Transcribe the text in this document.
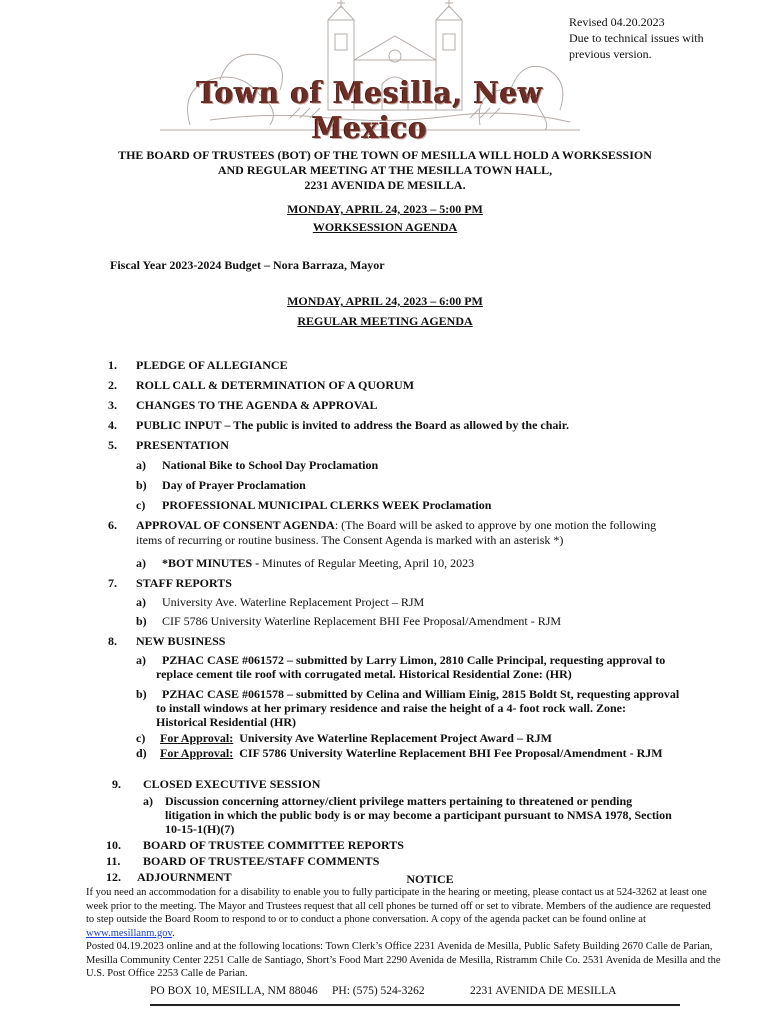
Revised 04.20.2023
Due to technical issues with
previous version.
Town of Mesilla, New Mexico
THE BOARD OF TRUSTEES (BOT) OF THE TOWN OF MESILLA WILL HOLD A WORKSESSION
AND REGULAR MEETING AT THE MESILLA TOWN HALL,
2231 AVENIDA DE MESILLA.
MONDAY, APRIL 24, 2023 – 5:00 PM
WORKSESSION AGENDA
Fiscal Year 2023-2024 Budget – Nora Barraza, Mayor
MONDAY, APRIL 24, 2023 – 6:00 PM
REGULAR MEETING AGENDA
1. PLEDGE OF ALLEGIANCE
2. ROLL CALL & DETERMINATION OF A QUORUM
3. CHANGES TO THE AGENDA & APPROVAL
4. PUBLIC INPUT – The public is invited to address the Board as allowed by the chair.
5. PRESENTATION
a) National Bike to School Day Proclamation
b) Day of Prayer Proclamation
c) PROFESSIONAL MUNICIPAL CLERKS WEEK Proclamation
6. APPROVAL OF CONSENT AGENDA: (The Board will be asked to approve by one motion the following
items of recurring or routine business. The Consent Agenda is marked with an asterisk *)
a) *BOT MINUTES - Minutes of Regular Meeting, April 10, 2023
7. STAFF REPORTS
a) University Ave. Waterline Replacement Project – RJM
b) CIF 5786 University Waterline Replacement BHI Fee Proposal/Amendment - RJM
8. NEW BUSINESS
a) PZHAC CASE #061572 – submitted by Larry Limon, 2810 Calle Principal, requesting approval to
replace cement tile roof with corrugated metal. Historical Residential Zone: (HR)
b) PZHAC CASE #061578 – submitted by Celina and William Einig, 2815 Boldt St, requesting approval
to install windows at her primary residence and raise the height of a 4- foot rock wall. Zone:
Historical Residential (HR)
c) For Approval:  University Ave Waterline Replacement Project Award – RJM
d) For Approval:  CIF 5786 University Waterline Replacement BHI Fee Proposal/Amendment - RJM
9. CLOSED EXECUTIVE SESSION
a) Discussion concerning attorney/client privilege matters pertaining to threatened or pending
litigation in which the public body is or may become a participant pursuant to NMSA 1978, Section
10-15-1(H)(7)
10. BOARD OF TRUSTEE COMMITTEE REPORTS
11. BOARD OF TRUSTEE/STAFF COMMENTS
12. ADJOURNMENT	NOTICE
If you need an accommodation for a disability to enable you to fully participate in the hearing or meeting, please contact us at 524-3262 at least one week prior to the meeting. The Mayor and Trustees request that all cell phones be turned off or set to vibrate. Members of the audience are requested to step outside the Board Room to respond to or to conduct a phone conversation. A copy of the agenda packet can be found online at www.mesillanm.gov.
Posted 04.19.2023 online and at the following locations: Town Clerk’s Office 2231 Avenida de Mesilla, Public Safety Building 2670 Calle de Parian, Mesilla Community Center 2251 Calle de Santiago, Short’s Food Mart 2290 Avenida de Mesilla, Ristramm Chile Co. 2531 Avenida de Mesilla and the U.S. Post Office 2253 Calle de Parian.
PO BOX 10, MESILLA, NM 88046	PH: (575) 524-3262	2231 AVENIDA DE MESILLA
